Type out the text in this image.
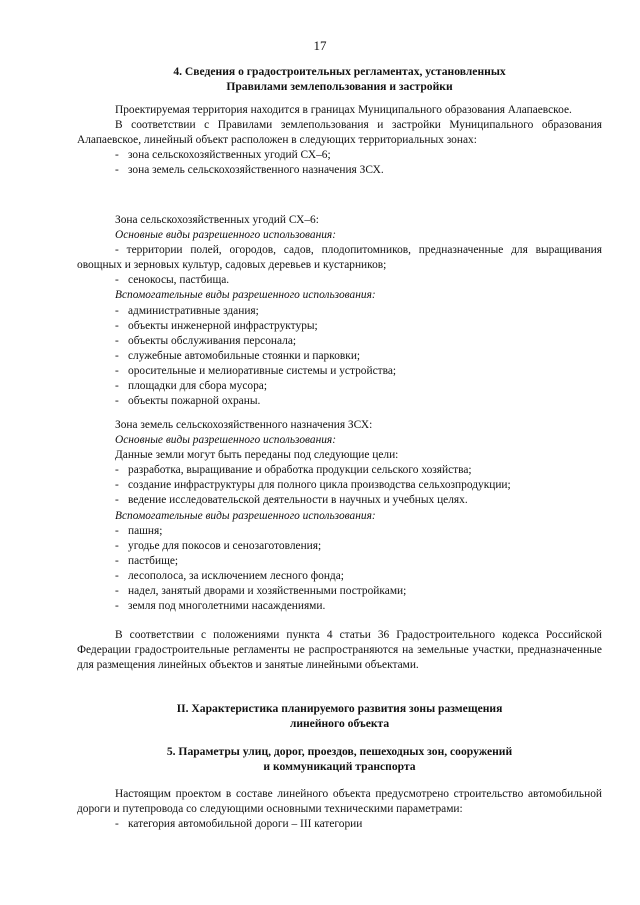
17
4. Сведения о градостроительных регламентах, установленных
Правилами землепользования и застройки
Проектируемая территория находится в границах Муниципального образования Алапаевское.
В соответствии с Правилами землепользования и застройки Муниципального образования Алапаевское, линейный объект расположен в следующих территориальных зонах:
- зона сельскохозяйственных угодий СХ–6;
- зона земель сельскохозяйственного назначения ЗСХ.
Зона сельскохозяйственных угодий СХ–6:
Основные виды разрешенного использования:
- территории полей, огородов, садов, плодопитомников, предназначенные для выращивания овощных и зерновых культур, садовых деревьев и кустарников;
- сенокосы, пастбища.
Вспомогательные виды разрешенного использования:
- административные здания;
- объекты инженерной инфраструктуры;
- объекты обслуживания персонала;
- служебные автомобильные стоянки и парковки;
- оросительные и мелиоративные системы и устройства;
- площадки для сбора мусора;
- объекты пожарной охраны.
Зона земель сельскохозяйственного назначения ЗСХ:
Основные виды разрешенного использования:
Данные земли могут быть переданы под следующие цели:
- разработка, выращивание и обработка продукции сельского хозяйства;
- создание инфраструктуры для полного цикла производства сельхозпродукции;
- ведение исследовательской деятельности в научных и учебных целях.
Вспомогательные виды разрешенного использования:
- пашня;
- угодье для покосов и сенозаготовления;
- пастбище;
- лесополоса, за исключением лесного фонда;
- надел, занятый дворами и хозяйственными постройками;
- земля под многолетними насаждениями.
В соответствии с положениями пункта 4 статьи 36 Градостроительного кодекса Российской Федерации градостроительные регламенты не распространяются на земельные участки, предназначенные для размещения линейных объектов и занятые линейными объектами.
II. Характеристика планируемого развития зоны размещения
линейного объекта
5. Параметры улиц, дорог, проездов, пешеходных зон, сооружений
и коммуникаций транспорта
Настоящим проектом в составе линейного объекта предусмотрено строительство автомобильной дороги и путепровода со следующими основными техническими параметрами:
- категория автомобильной дороги – III категории
